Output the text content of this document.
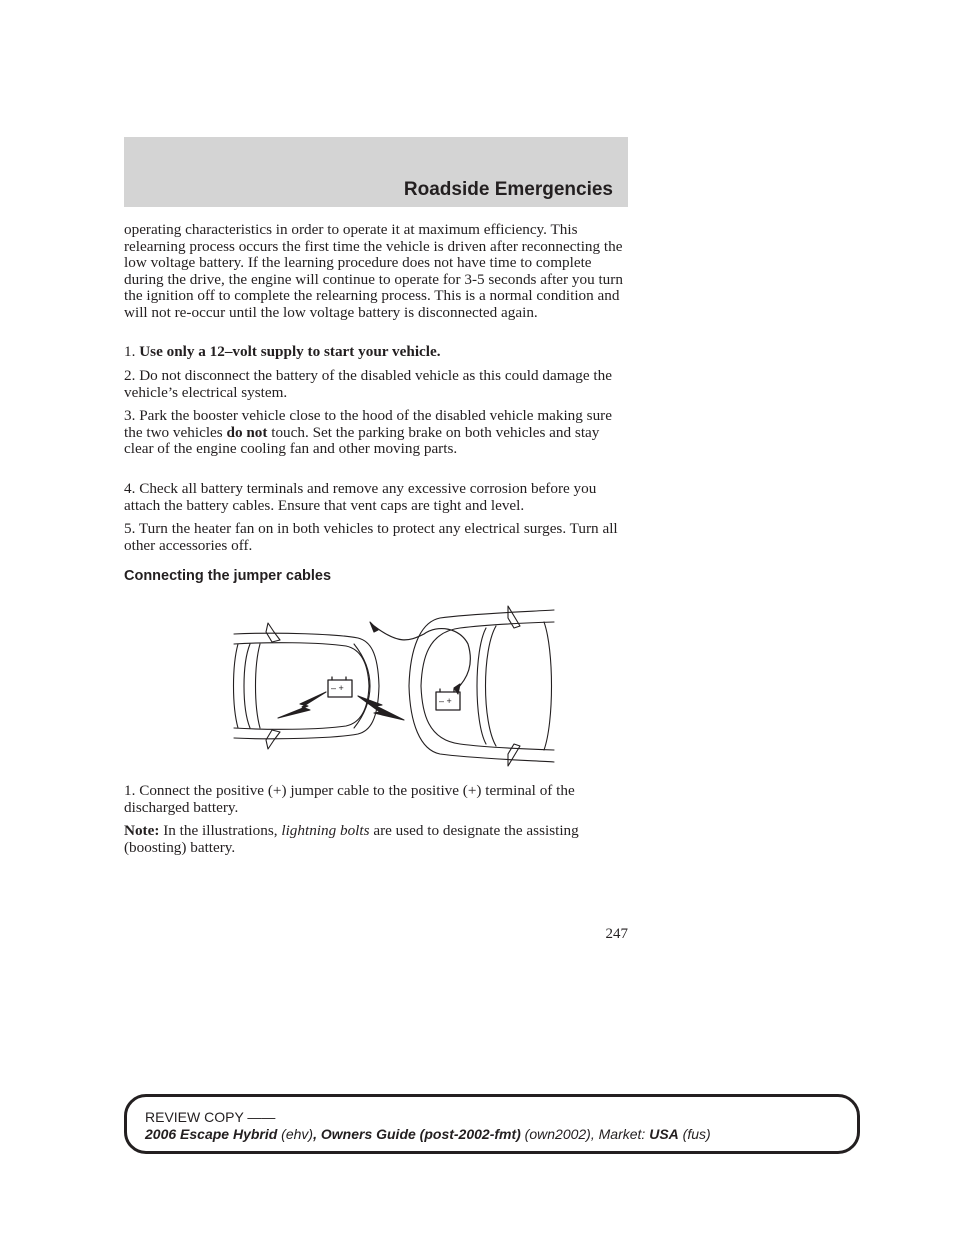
Roadside Emergencies

operating characteristics in order to operate it at maximum efficiency. This relearning process occurs the first time the vehicle is driven after reconnecting the low voltage battery. If the learning procedure does not have time to complete during the drive, the engine will continue to operate for 3-5 seconds after you turn the ignition off to complete the relearning process. This is a normal condition and will not re-occur until the low voltage battery is disconnected again.

1. Use only a 12–volt supply to start your vehicle.

2. Do not disconnect the battery of the disabled vehicle as this could damage the vehicle’s electrical system.

3. Park the booster vehicle close to the hood of the disabled vehicle making sure the two vehicles do not touch. Set the parking brake on both vehicles and stay clear of the engine cooling fan and other moving parts.

4. Check all battery terminals and remove any excessive corrosion before you attach the battery cables. Ensure that vent caps are tight and level.

5. Turn the heater fan on in both vehicles to protect any electrical surges. Turn all other accessories off.

Connecting the jumper cables
– +
– +

1. Connect the positive (+) jumper cable to the positive (+) terminal of the discharged battery.

Note: In the illustrations, lightning bolts are used to designate the assisting (boosting) battery.

247
REVIEW COPY ——
2006 Escape Hybrid (ehv), Owners Guide (post-2002-fmt) (own2002), Market: USA (fus)
